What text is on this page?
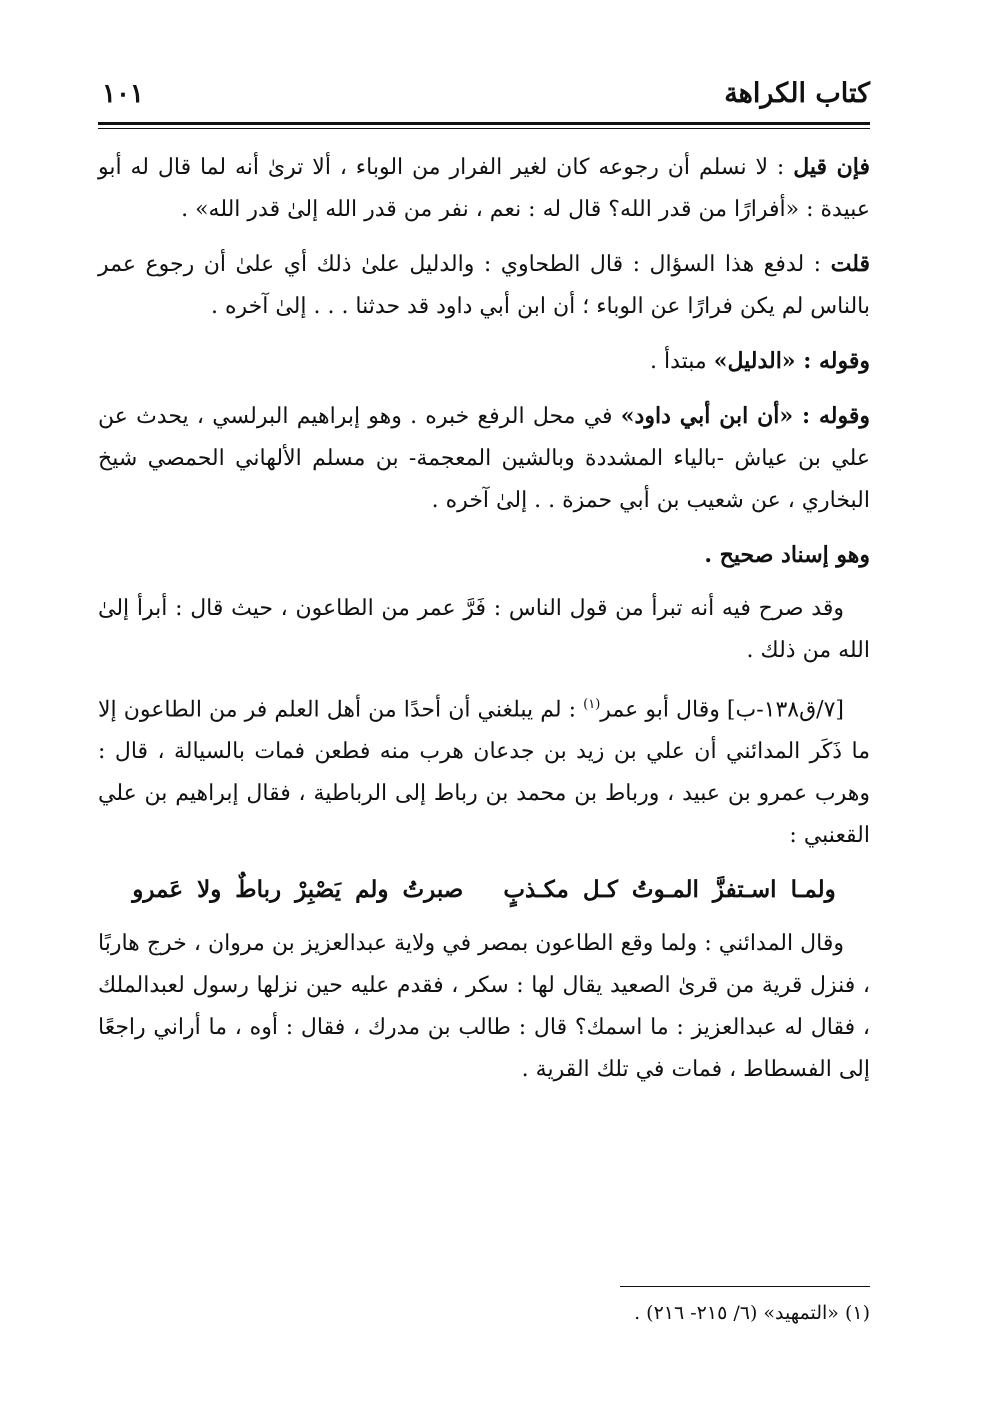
كتاب الكراهة
١٠١

فإن قيل : لا نسلم أن رجوعه كان لغير الفرار من الوباء ، ألا ترىٰ أنه لما قال له أبو عبيدة : «أفرارًا من قدر الله؟ قال له : نعم ، نفر من قدر الله إلىٰ قدر الله» .

قلت : لدفع هذا السؤال : قال الطحاوي : والدليل علىٰ ذلك أي علىٰ أن رجوع عمر بالناس لم يكن فرارًا عن الوباء ؛ أن ابن أبي داود قد حدثنا . . . إلىٰ آخره .

وقوله : «الدليل» مبتدأ .

وقوله : «أن ابن أبي داود» في محل الرفع خبره . وهو إبراهيم البرلسي ، يحدث عن علي بن عياش -بالياء المشددة وبالشين المعجمة- بن مسلم الألهاني الحمصي شيخ البخاري ، عن شعيب بن أبي حمزة . . إلىٰ آخره .

وهو إسناد صحيح .

وقد صرح فيه أنه تبرأ من قول الناس : فَرَّ عمر من الطاعون ، حيث قال : أبرأ إلىٰ الله من ذلك .

[٧/ق١٣٨-ب] وقال أبو عمر$^{(١)}$ : لم يبلغني أن أحدًا من أهل العلم فر من الطاعون إلا ما ذَكَر المدائني أن علي بن زيد بن جدعان هرب منه فطعن فمات بالسيالة ، قال : وهرب عمرو بن عبيد ، ورباط بن محمد بن رباط إلى الرباطية ، فقال إبراهيم بن علي القعنبي :

ولمـا اسـتفزَّ المـوتُ كـل مكـذبٍصبرتُ ولم يَصْبِرْ رباطٌ ولا عَمرو

وقال المدائني : ولما وقع الطاعون بمصر في ولاية عبدالعزيز بن مروان ، خرج هاربًا ، فنزل قرية من قرىٰ الصعيد يقال لها : سكر ، فقدم عليه حين نزلها رسول لعبدالملك ، فقال له عبدالعزيز : ما اسمك؟ قال : طالب بن مدرك ، فقال : أوه ، ما أراني راجعًا إلى الفسطاط ، فمات في تلك القرية .

(١) «التمهيد» (٦/ ٢١٥- ٢١٦) .
